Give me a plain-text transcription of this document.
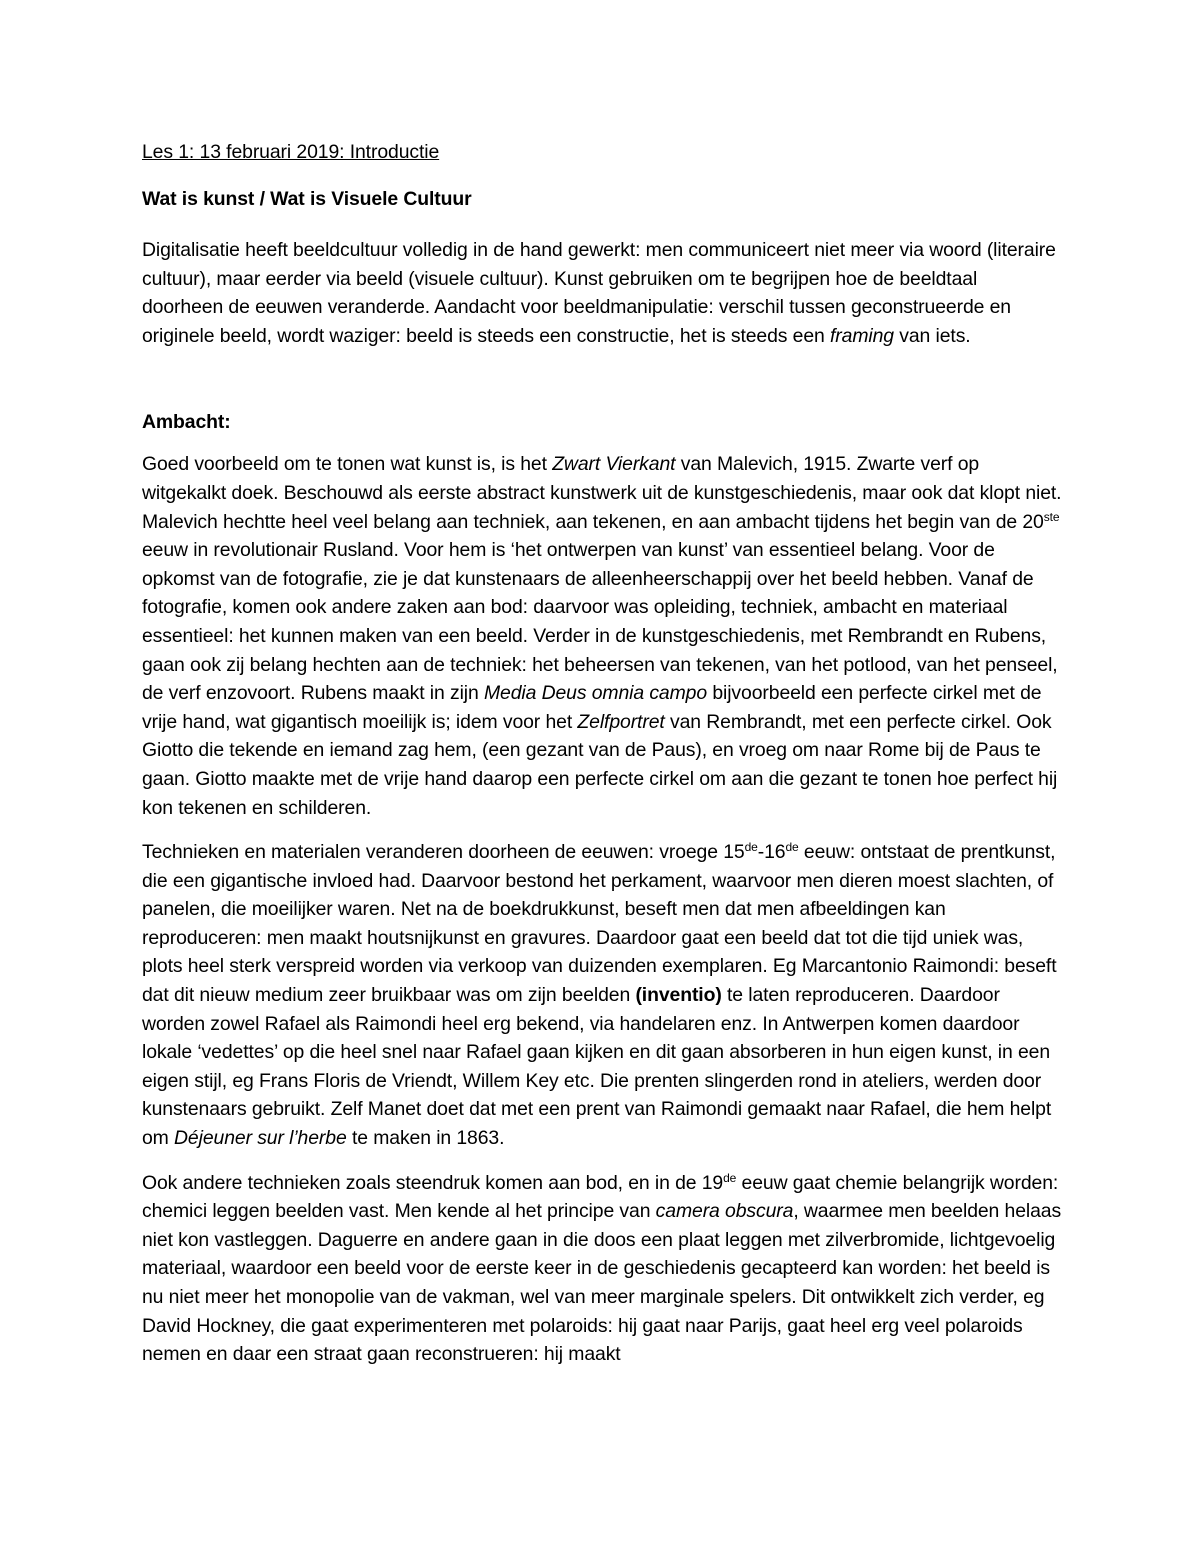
Les 1: 13 februari 2019: Introductie
Wat is kunst / Wat is Visuele Cultuur

Digitalisatie heeft beeldcultuur volledig in de hand gewerkt: men communiceert niet meer via woord (literaire cultuur), maar eerder via beeld (visuele cultuur). Kunst gebruiken om te begrijpen hoe de beeldtaal doorheen de eeuwen veranderde. Aandacht voor beeldmanipulatie: verschil tussen geconstrueerde en originele beeld, wordt waziger: beeld is steeds een constructie, het is steeds een framing van iets.

Ambacht:

Goed voorbeeld om te tonen wat kunst is, is het Zwart Vierkant van Malevich, 1915. Zwarte verf op witgekalkt doek. Beschouwd als eerste abstract kunstwerk uit de kunstgeschiedenis, maar ook dat klopt niet. Malevich hechtte heel veel belang aan techniek, aan tekenen, en aan ambacht tijdens het begin van de 20ste eeuw in revolutionair Rusland. Voor hem is ‘het ontwerpen van kunst’ van essentieel belang. Voor de opkomst van de fotografie, zie je dat kunstenaars de alleenheerschappij over het beeld hebben. Vanaf de fotografie, komen ook andere zaken aan bod: daarvoor was opleiding, techniek, ambacht en materiaal essentieel: het kunnen maken van een beeld. Verder in de kunstgeschiedenis, met Rembrandt en Rubens, gaan ook zij belang hechten aan de techniek: het beheersen van tekenen, van het potlood, van het penseel, de verf enzovoort. Rubens maakt in zijn Media Deus omnia campo bijvoorbeeld een perfecte cirkel met de vrije hand, wat gigantisch moeilijk is; idem voor het Zelfportret van Rembrandt, met een perfecte cirkel. Ook Giotto die tekende en iemand zag hem, (een gezant van de Paus), en vroeg om naar Rome bij de Paus te gaan. Giotto maakte met de vrije hand daarop een perfecte cirkel om aan die gezant te tonen hoe perfect hij kon tekenen en schilderen.

Technieken en materialen veranderen doorheen de eeuwen: vroege 15de-16de eeuw: ontstaat de prentkunst, die een gigantische invloed had. Daarvoor bestond het perkament, waarvoor men dieren moest slachten, of panelen, die moeilijker waren. Net na de boekdrukkunst, beseft men dat men afbeeldingen kan reproduceren: men maakt houtsnijkunst en gravures. Daardoor gaat een beeld dat tot die tijd uniek was, plots heel sterk verspreid worden via verkoop van duizenden exemplaren. Eg Marcantonio Raimondi: beseft dat dit nieuw medium zeer bruikbaar was om zijn beelden (inventio) te laten reproduceren. Daardoor worden zowel Rafael als Raimondi heel erg bekend, via handelaren enz. In Antwerpen komen daardoor lokale ‘vedettes’ op die heel snel naar Rafael gaan kijken en dit gaan absorberen in hun eigen kunst, in een eigen stijl, eg Frans Floris de Vriendt, Willem Key etc. Die prenten slingerden rond in ateliers, werden door kunstenaars gebruikt. Zelf Manet doet dat met een prent van Raimondi gemaakt naar Rafael, die hem helpt om Déjeuner sur l’herbe te maken in 1863.

Ook andere technieken zoals steendruk komen aan bod, en in de 19de eeuw gaat chemie belangrijk worden: chemici leggen beelden vast. Men kende al het principe van camera obscura, waarmee men beelden helaas niet kon vastleggen. Daguerre en andere gaan in die doos een plaat leggen met zilverbromide, lichtgevoelig materiaal, waardoor een beeld voor de eerste keer in de geschiedenis gecapteerd kan worden: het beeld is nu niet meer het monopolie van de vakman, wel van meer marginale spelers. Dit ontwikkelt zich verder, eg David Hockney, die gaat experimenteren met polaroids: hij gaat naar Parijs, gaat heel erg veel polaroids nemen en daar een straat gaan reconstrueren: hij maakt
